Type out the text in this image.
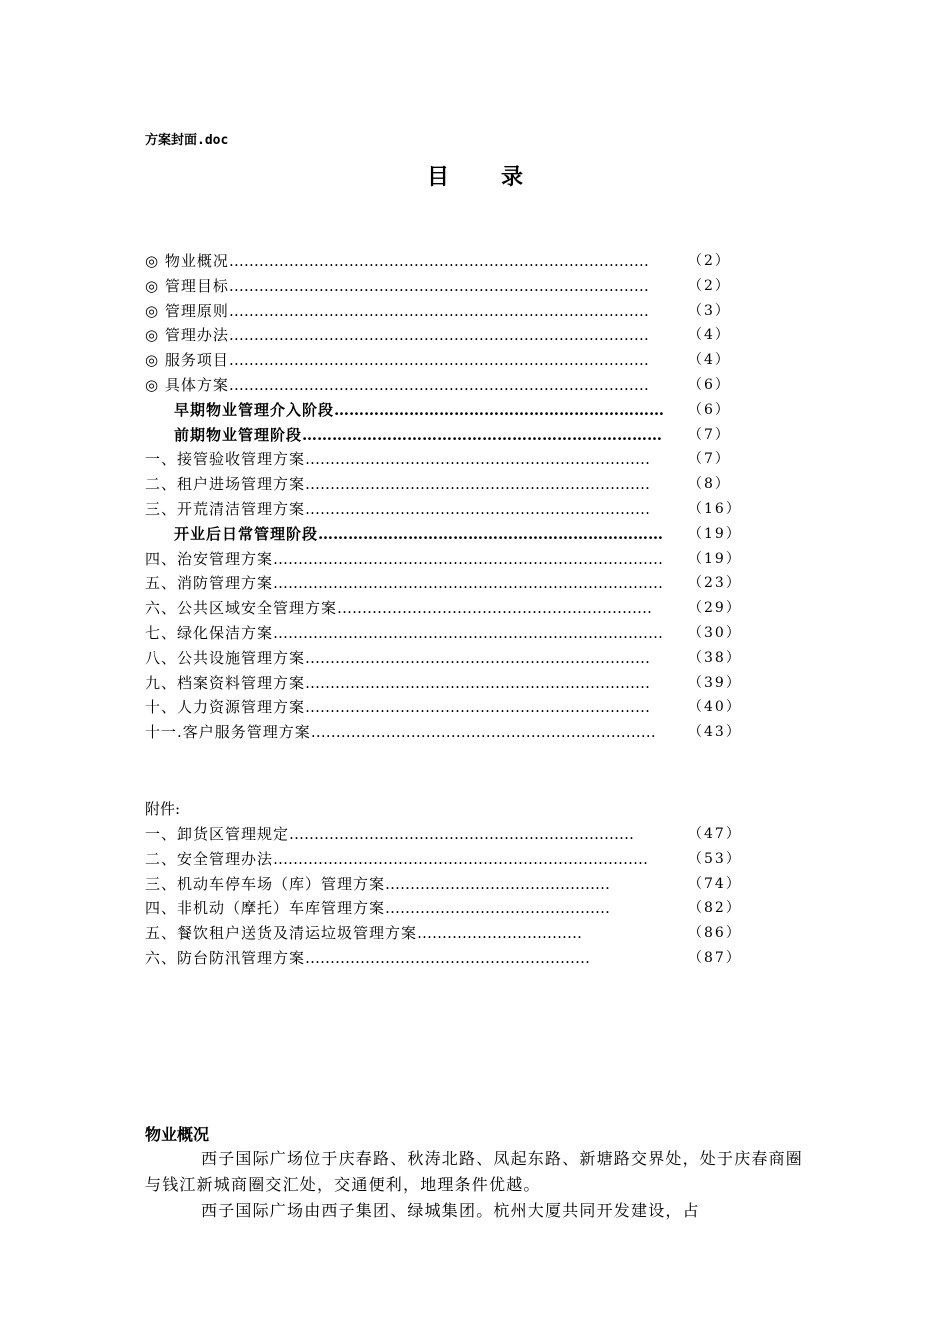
方案封面.doc
目录
◎ 物业概况…………………………………………………………………………	（2）
◎ 管理目标…………………………………………………………………………	（2）
◎ 管理原则…………………………………………………………………………	（3）
◎ 管理办法…………………………………………………………………………	（4）
◎ 服务项目…………………………………………………………………………	（4）
◎ 具体方案…………………………………………………………………………	（6）
早期物业管理介入阶段………………………………………………………… （6）
前期物业管理阶段……………………………………………………………… （7）
一、接管验收管理方案……………………………………………………………	（7）
二、租户进场管理方案……………………………………………………………	（8）
三、开荒清洁管理方案……………………………………………………………	（16）
开业后日常管理阶段…………………………………………………………… （19）
四、治安管理方案…………………………………………………………………… （19）
五、消防管理方案…………………………………………………………………… （23）
六、公共区域安全管理方案………………………………………………………	（29）
七、绿化保洁方案…………………………………………………………………… （30）
八、公共设施管理方案……………………………………………………………	（38）
九、档案资料管理方案……………………………………………………………	（39）
十、人力资源管理方案……………………………………………………………	（40）
十一.客户服务管理方案…………………………………………………………… （43）
附件:
一、卸货区管理规定……………………………………………………………	（47）
二、安全管理办法…………………………………………………………………	（53）
三、机动车停车场（库）管理方案………………………………………	（74）
四、非机动（摩托）车库管理方案………………………………………	（82）
五、餐饮租户送货及清运垃圾管理方案……………………………	（86）
六、防台防汛管理方案…………………………………………………	（87）
物业概况

西子国际广场位于庆春路、秋涛北路、凤起东路、新塘路交界处，处于庆春商圈与钱江新城商圈交汇处，交通便利，地理条件优越。

西子国际广场由西子集团、绿城集团。杭州大厦共同开发建设，占
